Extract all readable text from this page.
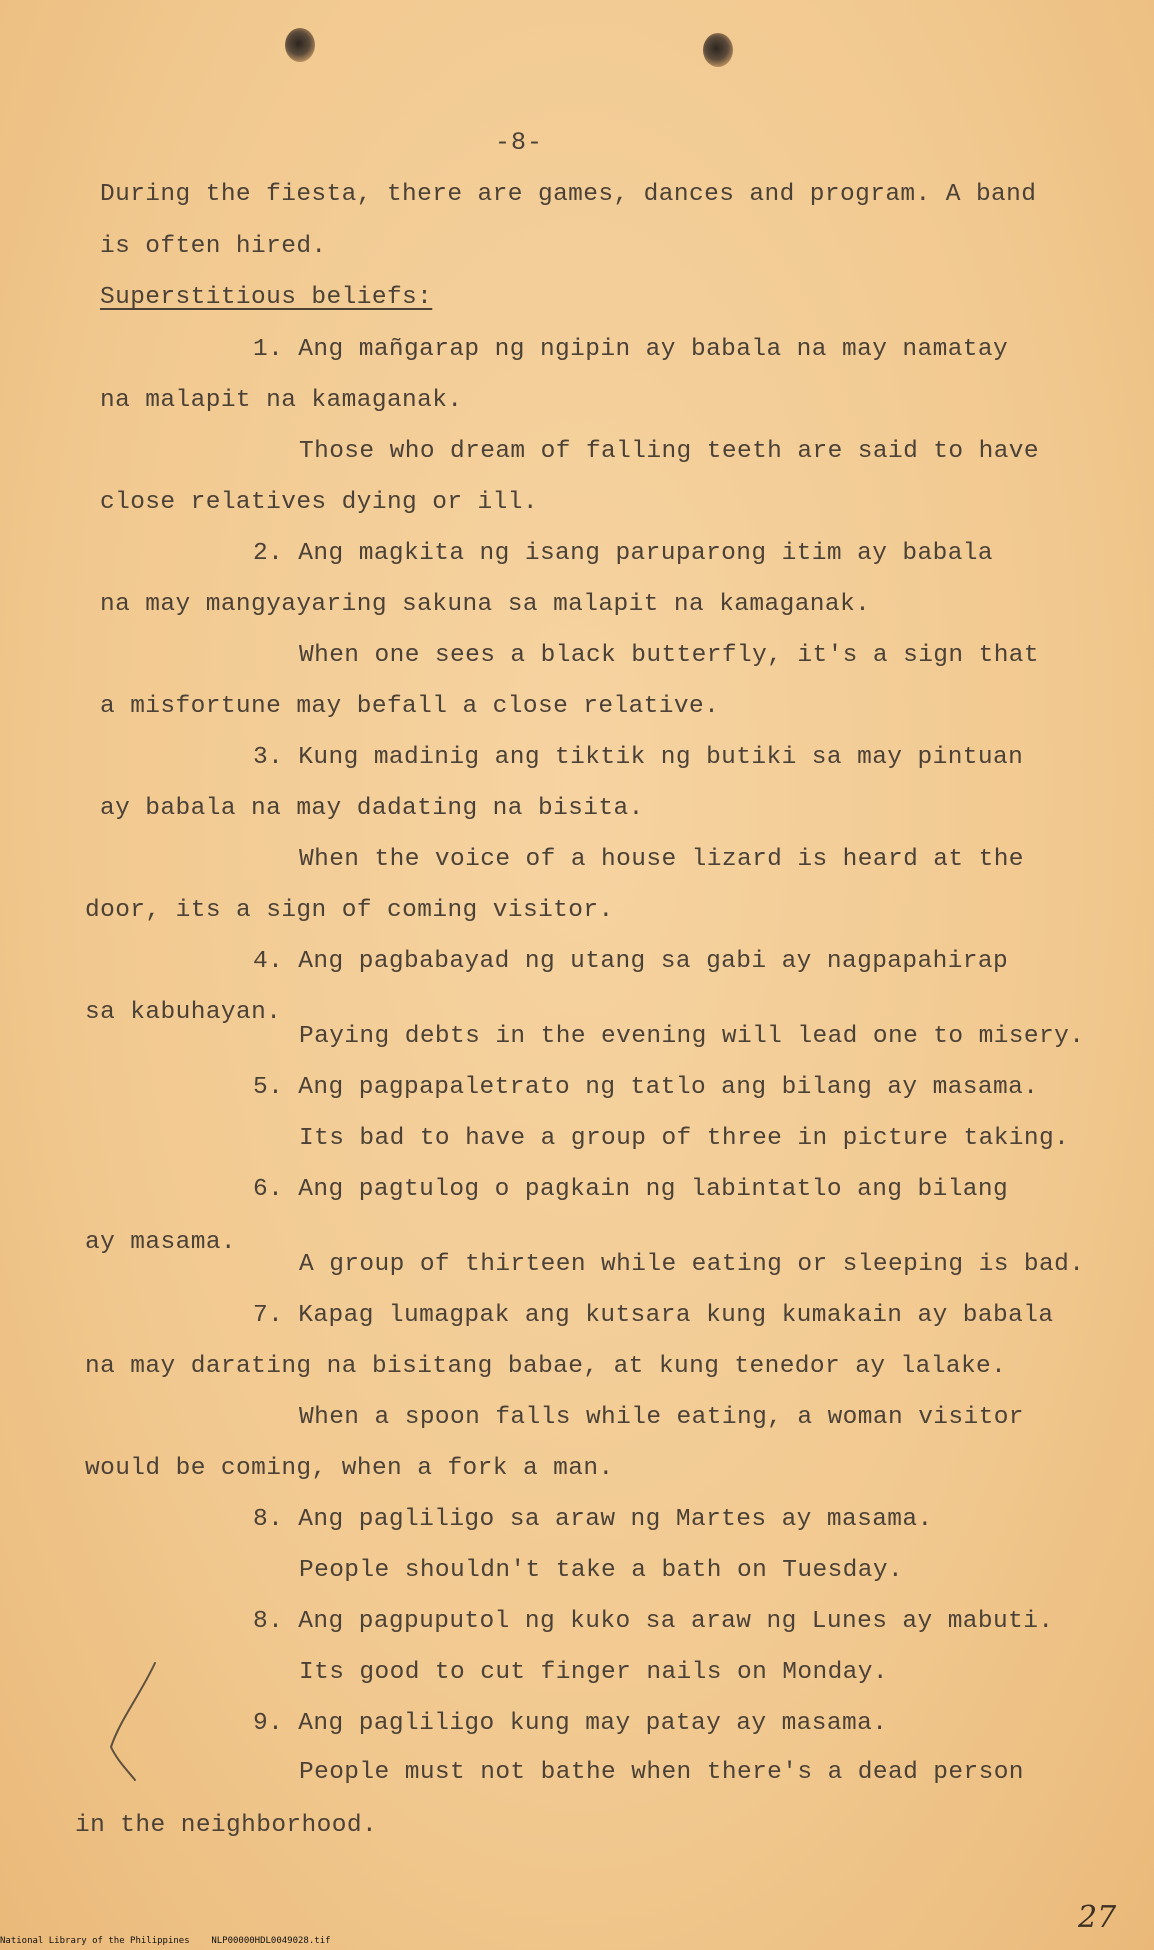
-8-
During the fiesta, there are games, dances and program. A band
is often hired.
Superstitious beliefs:
1. Ang mañgarap ng ngipin ay babala na may namatay
na malapit na kamaganak.
Those who dream of falling teeth are said to have
close relatives dying or ill.
2. Ang magkita ng isang paruparong itim ay babala
na may mangyayaring sakuna sa malapit na kamaganak.
When one sees a black butterfly, it's a sign that
a misfortune may befall a close relative.
3. Kung madinig ang tiktik ng butiki sa may pintuan
ay babala na may dadating na bisita.
When the voice of a house lizard is heard at the
door, its a sign of coming visitor.
4. Ang pagbabayad ng utang sa gabi ay nagpapahirap
sa kabuhayan.
Paying debts in the evening will lead one to misery.
5. Ang pagpapaletrato ng tatlo ang bilang ay masama.
Its bad to have a group of three in picture taking.
6. Ang pagtulog o pagkain ng labintatlo ang bilang
ay masama.
A group of thirteen while eating or sleeping is bad.
7. Kapag lumagpak ang kutsara kung kumakain ay babala
na may darating na bisitang babae, at kung tenedor ay lalake.
When a spoon falls while eating, a woman visitor
would be coming, when a fork a man.
8. Ang pagliligo sa araw ng Martes ay masama.
People shouldn't take a bath on Tuesday.
8. Ang pagpuputol ng kuko sa araw ng Lunes ay mabuti.
Its good to cut finger nails on Monday.
9. Ang pagliligo kung may patay ay masama.
People must not bathe when there's a dead person
in the neighborhood.
27
National Library of the Philippines    NLP00000HDL0049028.tif
